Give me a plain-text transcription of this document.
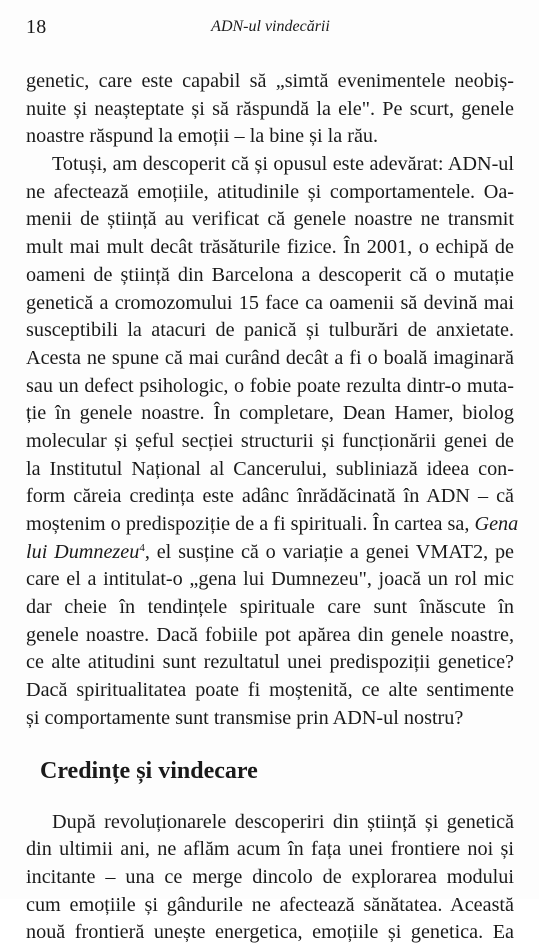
18	ADN-ul vindecării
genetic, care este capabil să „simtă evenimentele neobiș-
nuite și neașteptate și să răspundă la ele". Pe scurt, genele
noastre răspund la emoții – la bine și la rău.
Totuși, am descoperit că și opusul este adevărat: ADN-ul
ne afectează emoțiile, atitudinile și comportamentele. Oa-
menii de știință au verificat că genele noastre ne transmit
mult mai mult decât trăsăturile fizice. În 2001, o echipă de
oameni de știință din Barcelona a descoperit că o mutație
genetică a cromozomului 15 face ca oamenii să devină mai
susceptibili la atacuri de panică și tulburări de anxietate.
Acesta ne spune că mai curând decât a fi o boală imaginară
sau un defect psihologic, o fobie poate rezulta dintr-o muta-
ție în genele noastre. În completare, Dean Hamer, biolog
molecular și șeful secției structurii și funcționării genei de
la Institutul Național al Cancerului, subliniază ideea con-
form căreia credința este adânc înrădăcinată în ADN – că
moștenim o predispoziție de a fi spirituali. În cartea sa, Gena
lui Dumnezeu$^4$, el susține că o variație a genei VMAT2, pe
care el a intitulat-o „gena lui Dumnezeu", joacă un rol mic
dar cheie în tendințele spirituale care sunt înăscute în
genele noastre. Dacă fobiile pot apărea din genele noastre,
ce alte atitudini sunt rezultatul unei predispoziții genetice?
Dacă spiritualitatea poate fi moștenită, ce alte sentimente
și comportamente sunt transmise prin ADN-ul nostru?
Credințe și vindecare
După revoluționarele descoperiri din știință și genetică
din ultimii ani, ne aflăm acum în fața unei frontiere noi și
incitante – una ce merge dincolo de explorarea modului
cum emoțiile și gândurile ne afectează sănătatea. Această
nouă frontieră unește energetica, emoțiile și genetica. Ea
